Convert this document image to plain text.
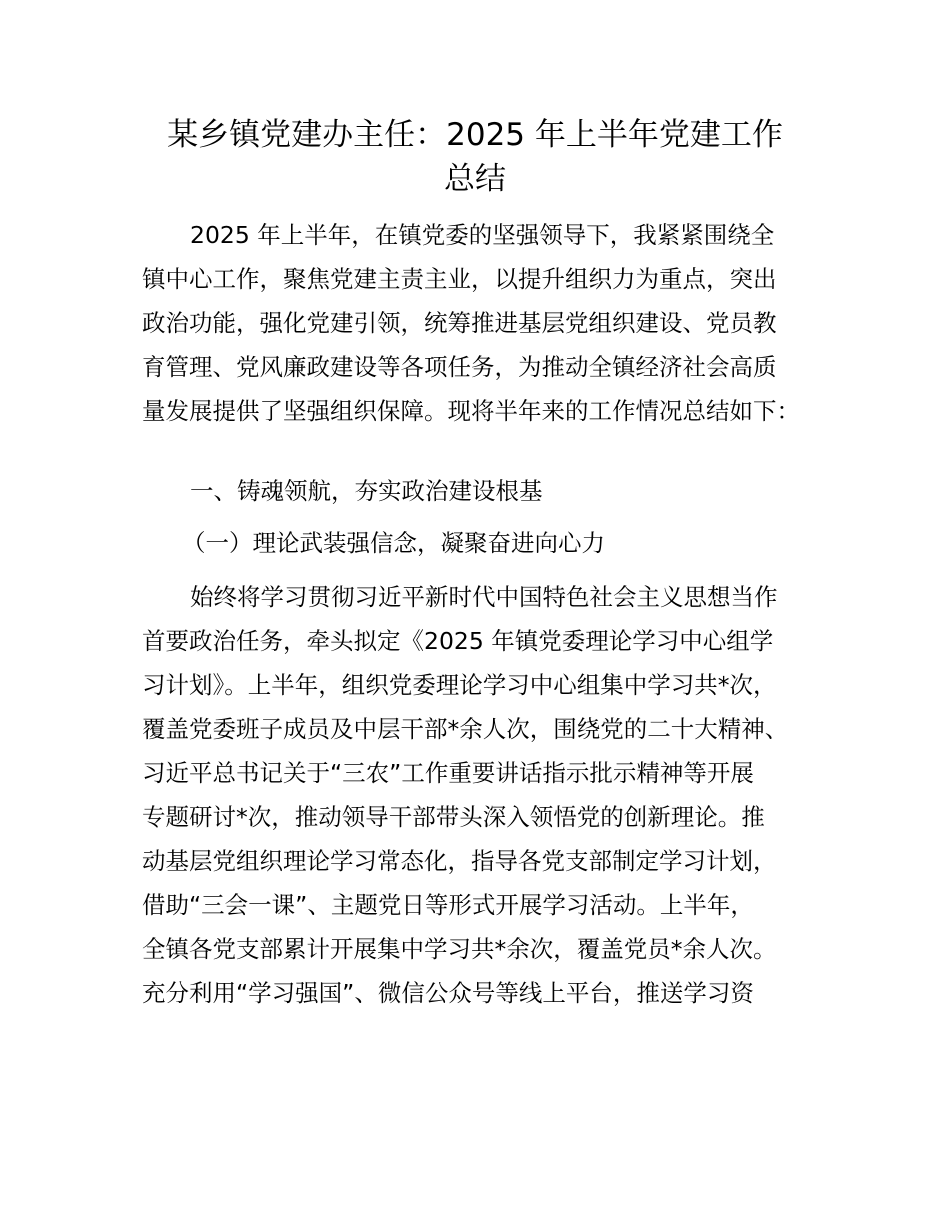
某乡镇党建办主任：2025 年上半年党建工作
总结
2025 年上半年，在镇党委的坚强领导下，我紧紧围绕全
镇中心工作，聚焦党建主责主业，以提升组织力为重点，突出
政治功能，强化党建引领，统筹推进基层党组织建设、党员教
育管理、党风廉政建设等各项任务，为推动全镇经济社会高质
量发展提供了坚强组织保障。现将半年来的工作情况总结如下：
一、铸魂领航，夯实政治建设根基
（一）理论武装强信念，凝聚奋进向心力
始终将学习贯彻习近平新时代中国特色社会主义思想当作
首要政治任务，牵头拟定《2025 年镇党委理论学习中心组学
习计划》。上半年，组织党委理论学习中心组集中学习共*次，
覆盖党委班子成员及中层干部*余人次，围绕党的二十大精神、
习近平总书记关于“三农”工作重要讲话指示批示精神等开展
专题研讨*次，推动领导干部带头深入领悟党的创新理论。推
动基层党组织理论学习常态化，指导各党支部制定学习计划，
借助“三会一课”、主题党日等形式开展学习活动。上半年，
全镇各党支部累计开展集中学习共*余次，覆盖党员*余人次。
充分利用“学习强国”、微信公众号等线上平台，推送学习资
